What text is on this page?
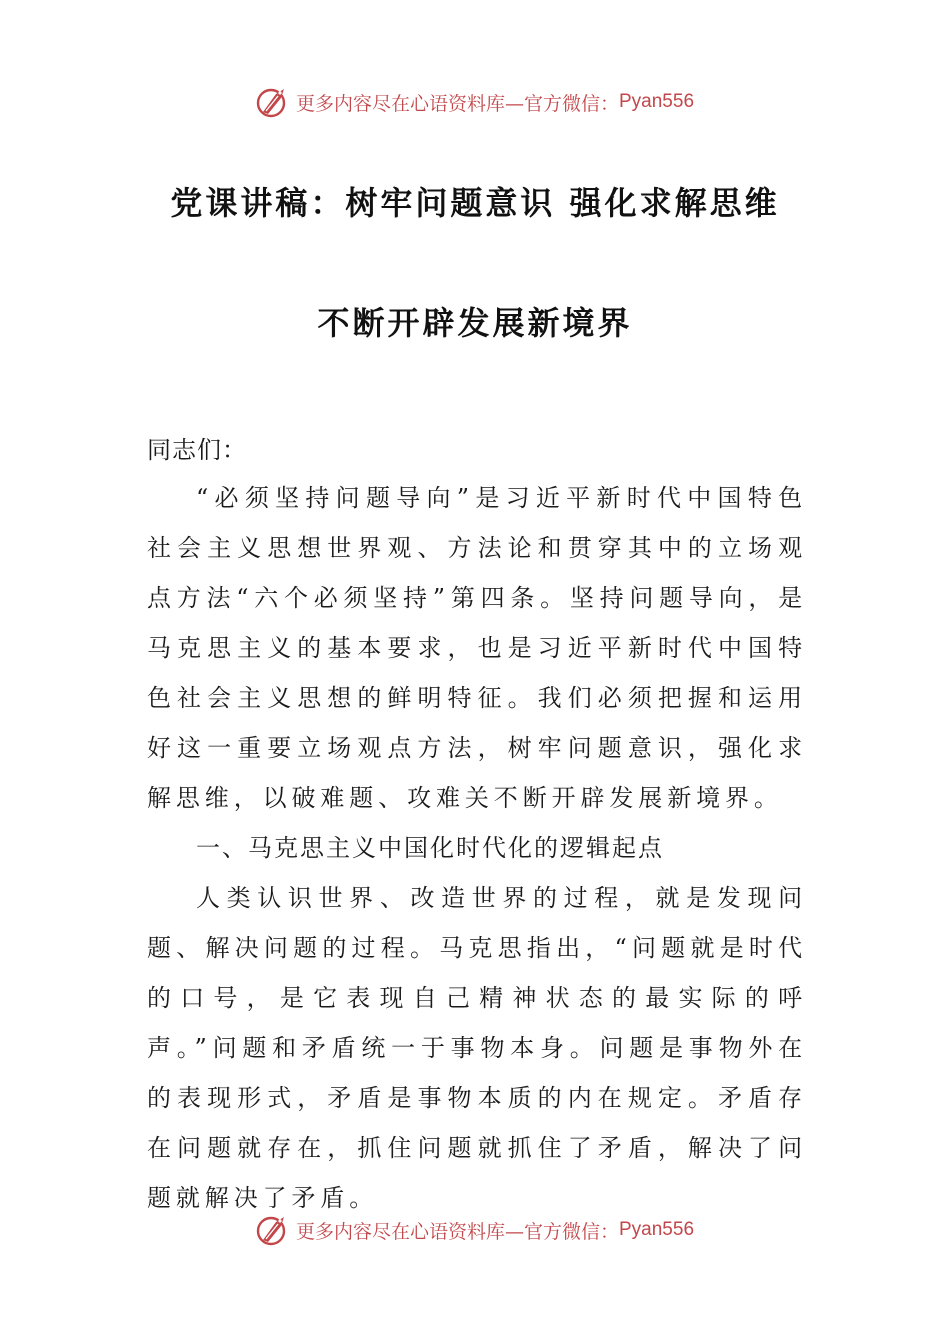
更多内容尽在心语资料库—官方微信： Pyan556
党课讲稿：树牢问题意识 强化求解思维
不断开辟发展新境界
同志们：

“必须坚持问题导向”是习近平新时代中国特色社会主义思想世界观、方法论和贯穿其中的立场观点方法“六个必须坚持”第四条。坚持问题导向，是马克思主义的基本要求，也是习近平新时代中国特色社会主义思想的鲜明特征。我们必须把握和运用好这一重要立场观点方法，树牢问题意识，强化求解思维，以破难题、攻难关不断开辟发展新境界。

一、马克思主义中国化时代化的逻辑起点

人类认识世界、改造世界的过程，就是发现问题、解决问题的过程。马克思指出，“问题就是时代的口号，是它表现自己精神状态的最实际的呼声。”问题和矛盾统一于事物本身。问题是事物外在的表现形式，矛盾是事物本质的内在规定。矛盾存在问题就存在，抓住问题就抓住了矛盾，解决了问题就解决了矛盾。

更多内容尽在心语资料库—官方微信： Pyan556
